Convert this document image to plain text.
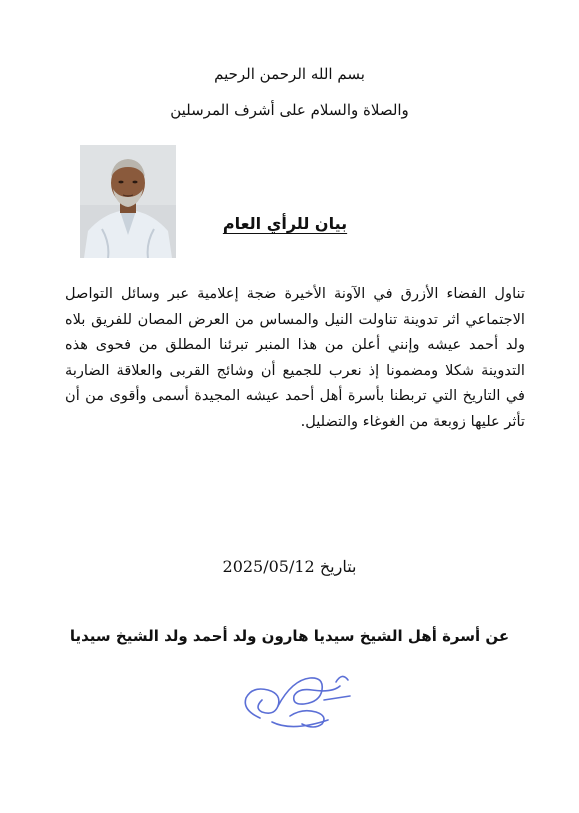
بسم الله الرحمن الرحيم
والصلاة والسلام على أشرف المرسلين
بيان للرأي العام
تناول الفضاء الأزرق في الآونة الأخيرة ضجة إعلامية عبر وسائل التواصل الاجتماعي اثر تدوينة تناولت النيل والمساس من العرض المصان للفريق بلاه ولد أحمد عيشه وإنني أعلن من هذا المنبر تبرئنا المطلق من فحوى هذه التدوينة شكلا ومضمونا إذ نعرب للجميع أن وشائج القربى والعلاقة الضاربة في التاريخ التي تربطنا بأسرة أهل أحمد عيشه المجيدة أسمى وأقوى من أن تأثر عليها زوبعة من الغوغاء والتضليل.
بتاريخ 2025/05/12
عن أسرة أهل الشيخ سيديا هارون ولد أحمد ولد الشيخ سيديا
